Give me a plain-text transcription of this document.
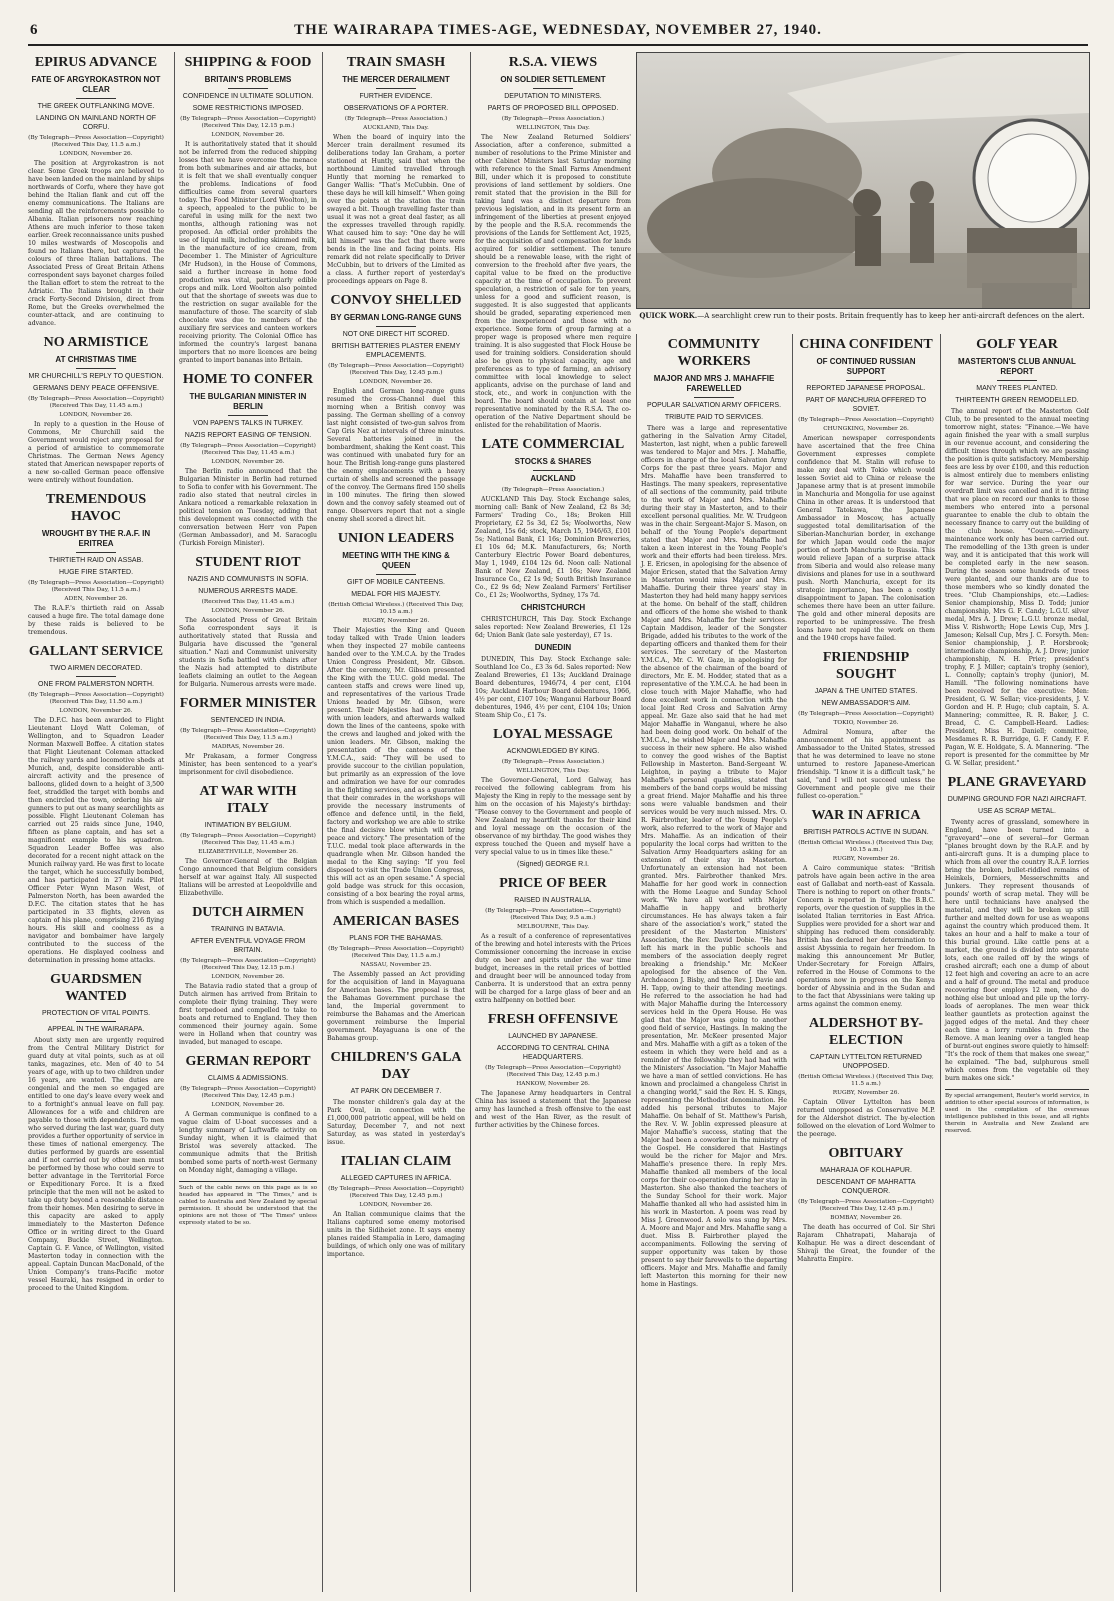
6	THE WAIRARAPA TIMES-AGE, WEDNESDAY, NOVEMBER 27, 1940.
EPIRUS ADVANCE
FATE OF ARGYROKASTRON NOT CLEAR
THE GREEK OUTFLANKING MOVE.
LANDING ON MAINLAND NORTH OF CORFU.
(By Telegraph—Press Association—Copyright) (Received This Day, 11.5 a.m.)
LONDON, November 26.

The position at Argyrokastron is not clear. Some Greek troops are believed to have been landed on the mainland by ships northwards of Corfu, where they have got behind the Italian flank and cut off the enemy communications. The Italians are sending all the reinforcements possible to Albania. Italian prisoners now reaching Athens are much inferior to those taken earlier. Greek reconnaissance units pushed 10 miles westwards of Moscopolis and found no Italians there, but captured the colours of three Italian battalions. The Associated Press of Great Britain Athens correspondent says bayonet charges foiled the Italian effort to stem the retreat to the Adriatic. The Italians brought in their crack Forty-Second Division, direct from Rome, but the Greeks overwhelmed the counter-attack, and are continuing to advance.

NO ARMISTICE
AT CHRISTMAS TIME
MR CHURCHILL'S REPLY TO QUESTION.
GERMANS DENY PEACE OFFENSIVE.
(By Telegraph—Press Association—Copyright) (Received This Day, 11.45 a.m.)
LONDON, November 26.

In reply to a question in the House of Commons, Mr Churchill said the Government would reject any proposal for a period of armistice to commemorate Christmas. The German News Agency stated that American newspaper reports of a new so-called German peace offensive were entirely without foundation.

TREMENDOUS HAVOC
WROUGHT BY THE R.A.F. IN ERITREA
THIRTIETH RAID ON ASSAB.
HUGE FIRE STARTED.
(By Telegraph—Press Association—Copyright) (Received This Day, 11.5 a.m.)
ADEN, November 26.

The R.A.F.'s thirtieth raid on Assab caused a huge fire. The total damage done by these raids is believed to be tremendous.

GALLANT SERVICE
TWO AIRMEN DECORATED.
ONE FROM PALMERSTON NORTH.
(By Telegraph—Press Association—Copyright) (Received This Day, 11.50 a.m.)
LONDON, November 26.

The D.F.C. has been awarded to Flight Lieutenant Lloyd Watt Coleman, of Wellington, and to Squadron Leader Norman Maxwell Boffee. A citation states that Flight Lieutenant Coleman attacked the railway yards and locomotive sheds at Munich, and, despite considerable anti-aircraft activity and the presence of balloons, glided down to a height of 3,500 feet, straddled the target with bombs and then encircled the town, ordering his air gunners to put out as many searchlights as possible. Flight Lieutenant Coleman has carried out 25 raids since June, 1940, fifteen as plane captain, and has set a magnificent example to his squadron. Squadron Leader Boffee was also decorated for a recent night attack on the Munich railway yard. He was first to locate the target, which he successfully bombed, and has participated in 27 raids. Pilot Officer Peter Wynn Mason West, of Palmerston North, has been awarded the D.F.C. The citation states that he has participated in 33 flights, eleven as captain of his plane, comprising 216 flying hours. His skill and coolness as a navigator and bombaimer have largely contributed to the success of the operations. He displayed coolness and determination in pressing home attacks.

GUARDSMEN WANTED
PROTECTION OF VITAL POINTS.
APPEAL IN THE WAIRARAPA.

About sixty men are urgently required from the Central Military District for guard duty at vital points, such as at oil tanks, magazines, etc. Men of 40 to 54 years of age, with up to two children under 16 years, are wanted. The duties are congenial and the men so engaged are entitled to one day's leave every week and to a fortnight's annual leave on full pay. Allowances for a wife and children are payable to those with dependents. To men who served during the last war, guard duty provides a further opportunity of service in these times of national emergency. The duties performed by guards are essential and if not carried out by other men must be performed by those who could serve to better advantage in the Territorial Force or Expeditionary Force. It is a fixed principle that the men will not be asked to take up duty beyond a reasonable distance from their homes. Men desiring to serve in this capacity are asked to apply immediately to the Masterton Defence Office or in writing direct to the Guard Company, Buckle Street, Wellington. Captain G. F. Vance, of Wellington, visited Masterton today in connection with the appeal. Captain Duncan MacDonald, of the Union Company's trans-Pacific motor vessel Hauraki, has resigned in order to proceed to the United Kingdom.

SHIPPING & FOOD
BRITAIN'S PROBLEMS
CONFIDENCE IN ULTIMATE SOLUTION.
SOME RESTRICTIONS IMPOSED.
(By Telegraph—Press Association—Copyright) (Received This Day, 12.15 p.m.)
LONDON, November 26.

It is authoritatively stated that it should not be inferred from the reduced shipping losses that we have overcome the menace from both submarines and air attacks, but it is felt that we shall eventually conquer the problems. Indications of food difficulties came from several quarters today. The Food Minister (Lord Woolton), in a speech, appealed to the public to be careful in using milk for the next two months, although rationing was not proposed. An official order prohibits the use of liquid milk, including skimmed milk, in the manufacture of ice cream, from December 1. The Minister of Agriculture (Mr Hudson), in the House of Commons, said a further increase in home food production was vital, particularly edible crops and milk. Lord Woolton also pointed out that the shortage of sweets was due to the restriction on sugar available for the manufacture of those. The scarcity of slab chocolate was due to members of the auxiliary fire services and canteen workers receiving priority. The Colonial Office has informed the country's largest banana importers that no more licences are being granted to import bananas into Britain.

HOME TO CONFER
THE BULGARIAN MINISTER IN BERLIN
VON PAPEN'S TALKS IN TURKEY.
NAZIS REPORT EASING OF TENSION.
(By Telegraph—Press Association—Copyright) (Received This Day, 11.45 a.m.)
LONDON, November 26.

The Berlin radio announced that the Bulgarian Minister in Berlin had returned to Sofia to confer with his Government. The radio also stated that neutral circles in Ankara noticed a remarkable relaxation in political tension on Tuesday, adding that this development was connected with the conversation between Herr von Papen (German Ambassador), and M. Saracoglu (Turkish Foreign Minister).

STUDENT RIOT
NAZIS AND COMMUNISTS IN SOFIA.
NUMEROUS ARRESTS MADE.
(Received This Day, 11.45 a.m.)
LONDON, November 26.

The Associated Press of Great Britain Sofia correspondent says it is authoritatively stated that Russia and Bulgaria have discussed the "general situation." Nazi and Communist university students in Sofia battled with chairs after the Nazis had attempted to distribute leaflets claiming an outlet to the Aegean for Bulgaria. Numerous arrests were made.

FORMER MINISTER
SENTENCED IN INDIA.
(By Telegraph—Press Association—Copyright) (Received This Day, 11.5 a.m.)
MADRAS, November 26.

Mr Prakasam, a former Congress Minister, has been sentenced to a year's imprisonment for civil disobedience.

AT WAR WITH ITALY
INTIMATION BY BELGIUM.
(By Telegraph—Press Association—Copyright) (Received This Day, 11.45 a.m.)
ELIZABETHVILLE, November 26.

The Governor-General of the Belgian Congo announced that Belgium considers herself at war against Italy. All suspected Italians will be arrested at Leopoldville and Elizabethville.

DUTCH AIRMEN
TRAINING IN BATAVIA.
AFTER EVENTFUL VOYAGE FROM BRITAIN.
(By Telegraph—Press Association—Copyright) (Received This Day, 12.15 p.m.)
LONDON, November 26.

The Batavia radio stated that a group of Dutch airmen has arrived from Britain to complete their flying training. They were first torpedoed and compelled to take to boats and returned to England. They then commenced their journey again. Some were in Holland when that country was invaded, but managed to escape.

GERMAN REPORT
CLAIMS & ADMISSIONS.
(By Telegraph—Press Association—Copyright) (Received This Day, 12.45 p.m.)
LONDON, November 26.

A German communique is confined to a vague claim of U-boat successes and a lengthy summary of Luftwaffe activity on Sunday night, when it is claimed that Bristol was severely attacked. The communique admits that the British bombed some parts of north-west Germany on Monday night, damaging a village.

Such of the cable news on this page as is so headed has appeared in "The Times," and is cabled to Australia and New Zealand by special permission. It should be understood that the opinions are not those of "The Times" unless expressly stated to be so.
TRAIN SMASH
THE MERCER DERAILMENT
FURTHER EVIDENCE.
OBSERVATIONS OF A PORTER.
(By Telegraph—Press Association.)
AUCKLAND, This Day.

When the board of inquiry into the Mercer train derailment resumed its deliberations today Ian Graham, a porter stationed at Huntly, said that when the northbound Limited travelled through Huntly that morning he remarked to Ganger Wallis: "That's McCubbin. One of these days he will kill himself." When going over the points at the station the train swayed a bit. Though travelling faster than usual it was not a great deal faster, as all the expresses travelled through rapidly. What caused him to say: "One day he will kill himself" was the fact that there were bends in the line and facing points. His remark did not relate specifically to Driver McCubbin, but to drivers of the Limited as a class. A further report of yesterday's proceedings appears on Page 8.

CONVOY SHELLED
BY GERMAN LONG-RANGE GUNS
NOT ONE DIRECT HIT SCORED.
BRITISH BATTERIES PLASTER ENEMY EMPLACEMENTS.
(By Telegraph—Press Association—Copyright) (Received This Day, 12.45 p.m.)
LONDON, November 26.

English and German long-range guns resumed the cross-Channel duel this morning when a British convoy was passing. The German shelling of a convoy last night consisted of two-gun salvos from Cap Gris Nez at intervals of three minutes. Several batteries joined in the bombardment, shaking the Kent coast. This was continued with unabated fury for an hour. The British long-range guns plastered the enemy emplacements with a heavy curtain of shells and screened the passage of the convoy. The Germans fired 150 shells in 100 minutes. The firing then slowed down and the convoy safely steamed out of range. Observers report that not a single enemy shell scored a direct hit.

UNION LEADERS
MEETING WITH THE KING & QUEEN
GIFT OF MOBILE CANTEENS.
MEDAL FOR HIS MAJESTY.
(British Official Wireless.) (Received This Day, 10.15 a.m.)
RUGBY, November 26.

Their Majesties the King and Queen today talked with Trade Union leaders when they inspected 27 mobile canteens handed over to the Y.M.C.A. by the Trades Union Congress President, Mr. Gibson. After the ceremony, Mr. Gibson presented the King with the T.U.C. gold medal. The canteen staffs and crews were lined up, and representatives of the various Trade Unions headed by Mr. Gibson, were present. Their Majesties had a long talk with union leaders, and afterwards walked down the lines of the canteens, spoke with the crews and laughed and joked with the union leaders. Mr. Gibson, making the presentation of the canteens of the Y.M.C.A., said: "They will be used to provide succour to the civilian population, but primarily as an expression of the love and admiration we have for our comrades in the fighting services, and as a guarantee that their comrades in the workshops will provide the necessary instruments of offence and defence until, in the field, factory and workshop we are able to strike the final decisive blow which will bring peace and victory." The presentation of the T.U.C. medal took place afterwards in the quadrangle when Mr. Gibson handed the medal to the King saying: "If you feel disposed to visit the Trade Union Congress, this will act as an open sesame." A special gold badge was struck for this occasion, consisting of a box bearing the royal arms, from which is suspended a medallion.

AMERICAN BASES
PLANS FOR THE BAHAMAS.
(By Telegraph—Press Association—Copyright) (Received This Day, 11.5 a.m.)
NASSAU, November 25.

The Assembly passed an Act providing for the acquisition of land in Mayaguana for American bases. The proposal is that the Bahamas Government purchase the land, the Imperial government to reimburse the Bahamas and the American government reimburse the Imperial government. Mayaguana is one of the Bahamas group.

CHILDREN'S GALA DAY
AT PARK ON DECEMBER 7.

The monster children's gala day at the Park Oval, in connection with the £1,000,000 patriotic appeal, will be held on Saturday, December 7, and not next Saturday, as was stated in yesterday's issue.

ITALIAN CLAIM
ALLEGED CAPTURES IN AFRICA.
(By Telegraph—Press Association—Copyright) (Received This Day, 12.45 p.m.)
LONDON, November 26.

An Italian communique claims that the Italians captured some enemy motorised units in the Sidiheiet zone. It says enemy planes raided Stampalia in Lero, damaging buildings, of which only one was of military importance.

R.S.A. VIEWS
ON SOLDIER SETTLEMENT
DEPUTATION TO MINISTERS.
PARTS OF PROPOSED BILL OPPOSED.
(By Telegraph—Press Association.)
WELLINGTON, This Day.

The New Zealand Returned Soldiers' Association, after a conference, submitted a number of resolutions to the Prime Minister and other Cabinet Ministers last Saturday morning with reference to the Small Farms Amendment Bill, under which it is proposed to constitute provisions of land settlement by soldiers. One remit stated that the provision in the Bill for taking land was a distinct departure from previous legislation, and in its present form an infringement of the liberties at present enjoyed by the people and the R.S.A. recommends the provisions of the Lands for Settlement Act, 1925, for the acquisition of and compensation for lands acquired for soldier settlement. The tenure should be a renewable lease, with the right of conversion to the freehold after five years, the capital value to be fixed on the productive capacity at the time of occupation. To prevent speculation, a restriction of sale for ten years, unless for a good and sufficient reason, is suggested. It is also suggested that applicants should be graded, separating experienced men from the inexperienced and those with no experience. Some form of group farming at a proper wage is proposed where men require training. It is also suggested that Flock House be used for training soldiers. Consideration should also be given to physical capacity, age and preferences as to type of farming, an advisory committee with local knowledge to select applicants, advise on the purchase of land and stock, etc., and work in conjunction with the board. The board should contain at least one representative nominated by the R.S.A. The co-operation of the Native Department should be enlisted for the rehabilitation of Maoris.

LATE COMMERCIAL
STOCKS & SHARES
AUCKLAND
(By Telegraph—Press Association.)

AUCKLAND This Day. Stock Exchange sales, morning call: Bank of New Zealand, £2 8s 3d; Farmers' Trading Co., 18s; Broken Hill Proprietary, £2 5s 3d, £2 5s; Woolworths, New Zealand, 15s 6d; stock, March 15, 1946/63, £101 5s; National Bank, £1 16s; Dominion Breweries, £1 10s 6d; M.K. Manufacturers, 6s; North Canterbury Electric Power Board debentures, May 1, 1949, £104 12s 6d. Noon call: National Bank of New Zealand, £1 16s; New Zealand Insurance Co., £2 1s 9d; South British Insurance Co., £2 9s 6d; New Zealand Farmers' Fertiliser Co., £1 2s; Woolworths, Sydney, 17s 7d.

CHRISTCHURCH

CHRISTCHURCH, This Day. Stock Exchange sales reported: New Zealand Breweries, £1 12s 6d; Union Bank (late sale yesterday), £7 1s.

DUNEDIN

DUNEDIN, This Day. Stock Exchange sale: Southland Ice Co., £3 3s 6d. Sales reported: New Zealand Breweries, £1 13s; Auckland Drainage Board debentures, 1946/74, 4 per cent, £104 10s; Auckland Harbour Board debentures, 1966, 4½ per cent, £107 10s; Wanganui Harbour Board debentures, 1946, 4½ per cent, £104 10s; Union Steam Ship Co., £1 7s.

LOYAL MESSAGE
ACKNOWLEDGED BY KING.
(By Telegraph—Press Association.)
WELLINGTON, This Day.

The Governor-General, Lord Galway, has received the following cablegram from his Majesty the King in reply to the message sent by him on the occasion of his Majesty's birthday: "Please convey to the Government and people of New Zealand my heartfelt thanks for their kind and loyal message on the occasion of the observance of my birthday. The good wishes they express touched the Queen and myself have a very special value to us in times like these."

(Signed) GEORGE R.I.
PRICE OF BEER
RAISED IN AUSTRALIA.
(By Telegraph—Press Association—Copyright) (Received This Day, 9.5 a.m.)
MELBOURNE, This Day.

As a result of a conference of representatives of the brewing and hotel interests with the Prices Commissioner concerning the increase in excise duty on beer and spirits under the war time budget, increases in the retail prices of bottled and draught beer will be announced today from Canberra. It is understood that an extra penny will be charged for a large glass of beer and an extra halfpenny on bottled beer.

FRESH OFFENSIVE
LAUNCHED BY JAPANESE.
ACCORDING TO CENTRAL CHINA HEADQUARTERS.
(By Telegraph—Press Association—Copyright) (Received This Day, 12.45 p.m.)
HANKOW, November 26.

The Japanese Army headquarters in Central China has issued a statement that the Japanese army has launched a fresh offensive to the east and west of the Han River, as the result of further activities by the Chinese forces.

QUICK WORK.—A searchlight crew run to their posts. Britain frequently has to keep her anti-aircraft defences on the alert.
COMMUNITY WORKERS
MAJOR AND MRS J. MAHAFFIE FAREWELLED
POPULAR SALVATION ARMY OFFICERS.
TRIBUTE PAID TO SERVICES.

There was a large and representative gathering in the Salvation Army Citadel, Masterton, last night, when a public farewell was tendered to Major and Mrs. J. Mahaffie, officers in charge of the local Salvation Army Corps for the past three years. Major and Mrs. Mahaffie have been transferred to Hastings. The many speakers, representative of all sections of the community, paid tribute to the work of Major and Mrs. Mahaffie during their stay in Masterton, and to their excellent personal qualities. Mr. W. Trudgeon was in the chair. Sergeant-Major S. Mason, on behalf of the Young People's department stated that Major and Mrs. Mahaffie had taken a keen interest in the Young People's work and their efforts had been tireless. Mrs. J. E. Ericsen, in apologising for the absence of Major Ericsen, stated that the Salvation Army in Masterton would miss Major and Mrs. Mahaffie. During their three years' stay in Masterton they had held many happy services at the home. On behalf of the staff, children and officers of the home she wished to thank Major and Mrs. Mahaffie for their services. Captain Maddison, leader of the Songster Brigade, added his tributes to the work of the departing officers and thanked them for their services. The secretary of the Masterton Y.M.C.A., Mr. C. W. Gaze, in apologising for the absence of the chairman of the board of directors, Mr. E. M. Hodder, stated that as a representative of the Y.M.C.A. he had been in close touch with Major Mahaffie, who had done excellent work in connection with the local Joint Red Cross and Salvation Army appeal. Mr. Gaze also said that he had met Major Mahaffie in Wanganui, where he also had been doing good work. On behalf of the Y.M.C.A., he wished Major and Mrs. Mahaffie success in their new sphere. He also wished to convey the good wishes of the Baptist Fellowship in Masterton. Band-Sergeant W. Leighton, in paying a tribute to Major Mahaffie's personal qualities, stated that members of the band corps would be missing a great friend. Major Mahaffie and his three sons were valuable bandsmen and their services would be very much missed. Mrs. O. R. Fairbrother, leader of the Young People's work, also referred to the work of Major and Mrs. Mahaffie. As an indication of their popularity the local corps had written to the Salvation Army Headquarters asking for an extension of their stay in Masterton. Unfortunately an extension had not been granted. Mrs. Fairbrother thanked Mrs. Mahaffie for her good work in connection with the Home League and Sunday School work. "We have all worked with Major Mahaffie in happy and brotherly circumstances. He has always taken a fair share of the association's work," stated the president of the Masterton Ministers' Association, the Rev. David Dobie. "He has left his mark in the public schools and members of the association deeply regret breaking a friendship." Mr. McKeer apologised for the absence of the Ven. Archdeacon J. Bisby, and the Rev. J. Davie and H. Tapp, owing to their attending meetings. He referred to the association he had had with Major Mahaffie during the Intercessory services held in the Opera House. He was glad that the Major was going to another good field of service, Hastings. In making the presentation, Mr. McKeer presented Major and Mrs. Mahaffie with a gift as a token of the esteem in which they were held and as a reminder of the fellowship they had had with the Ministers' Association. "In Major Mahaffie we have a man of settled convictions. He has known and proclaimed a changeless Christ in a changing world," said the Rev. H. S. Kings, representing the Methodist denomination. He added his personal tributes to Major Mahaffie. On behalf of St. Matthew's Parish, the Rev. V. W. Joblin expressed pleasure at Major Mahaffie's success, stating that the Major had been a coworker in the ministry of the Gospel. He considered that Hastings would be the richer for Major and Mrs. Mahaffie's presence there. In reply Mrs. Mahaffie thanked all members of the local corps for their co-operation during her stay in Masterton. She also thanked the teachers of the Sunday School for their work. Major Mahaffie thanked all who had assisted him in his work in Masterton. A poem was read by Miss J. Greenwood. A solo was sung by Mrs. A. Moore and Major and Mrs. Mahaffie sang a duet. Miss B. Fairbrother played the accompaniments. Following the serving of supper opportunity was taken by those present to say their farewells to the departing officers. Major and Mrs. Mahaffie and family left Masterton this morning for their new home in Hastings.

CHINA CONFIDENT
OF CONTINUED RUSSIAN SUPPORT
REPORTED JAPANESE PROPOSAL.
PART OF MANCHURIA OFFERED TO SOVIET.
(By Telegraph—Press Association—Copyright)
CHUNGKING, November 26.

American newspaper correspondents have ascertained that the free China Government expresses complete confidence that M. Stalin will refuse to make any deal with Tokio which would lessen Soviet aid to China or release the Japanese army that is at present immobile in Manchuria and Mongolia for use against China in other areas. It is understood that General Tatekawa, the Japanese Ambassador in Moscow, has actually suggested total demilitarisation of the Siberian-Manchurian border, in exchange for which Japan would cede the major portion of north Manchuria to Russia. This would relieve Japan of a surprise attack from Siberia and would also release many divisions and planes for use in a southward push. North Manchuria, except for its strategic importance, has been a costly disappointment to Japan. The colonisation schemes there have been an utter failure. The gold and other mineral deposits are reported to be unimpressive. The fresh loans have not repaid the work on them and the 1940 crops have failed.

FRIENDSHIP SOUGHT
JAPAN & THE UNITED STATES.
NEW AMBASSADOR'S AIM.
(By Telegraph—Press Association—Copyright)
TOKIO, November 26.

Admiral Nomura, after the announcement of his appointment as Ambassador to the United States, stressed that he was determined to leave no stone unturned to restore Japanese-American friendship. "I know it is a difficult task," he said, "and I will not succeed unless the Government and people give me their fullest co-operation."

WAR IN AFRICA
BRITISH PATROLS ACTIVE IN SUDAN.
(British Official Wireless.) (Received This Day, 10.15 a.m.)
RUGBY, November 26.

A Cairo communique states: "British patrols have again been active in the area east of Gallabat and north-east of Kassala. There is nothing to report on other fronts." Concern is reported in Italy, the B.B.C. reports, over the question of supplies in the isolated Italian territories in East Africa. Supplies were provided for a short war and shipping has reduced them considerably. British has declared her determination to assist Abyssinia to regain her freedom. In making this announcement Mr Butler, Under-Secretary for Foreign Affairs, referred in the House of Commons to the operations now in progress on the Kenya border of Abyssinia and in the Sudan and to the fact that Abyssinians were taking up arms against the common enemy.

ALDERSHOT BY-ELECTION
CAPTAIN LYTTELTON RETURNED UNOPPOSED.
(British Official Wireless.) (Received This Day, 11.5 a.m.)
RUGBY, November 26.

Captain Oliver Lyttelton has been returned unopposed as Conservative M.P. for the Aldershot district. The by-election followed on the elevation of Lord Wolmer to the peerage.

OBITUARY
MAHARAJA OF KOLHAPUR.
DESCENDANT OF MAHRATTA CONQUEROR.
(By Telegraph—Press Association—Copyright) (Received This Day, 12.45 p.m.)
BOMBAY, November 26.

The death has occurred of Col. Sir Shri Rajaram Chhatrapati, Maharaja of Kolhapur. He was a direct descendant of Shivaji the Great, the founder of the Mahratta Empire.

GOLF YEAR
MASTERTON'S CLUB ANNUAL REPORT
MANY TREES PLANTED.
THIRTEENTH GREEN REMODELLED.

The annual report of the Masterton Golf Club, to be presented to the annual meeting tomorrow night, states: "Finance.—We have again finished the year with a small surplus in our revenue account, and considering the difficult times through which we are passing the position is quite satisfactory. Membership fees are less by over £100, and this reduction is almost entirely due to members enlisting for war service. During the year our overdraft limit was cancelled and it is fitting that we place on record our thanks to those members who entered into a personal guarantee to enable the club to obtain the necessary finance to carry out the building of the club house. "Course.—Ordinary maintenance work only has been carried out. The remodelling of the 13th green is under way, and it is anticipated that this work will be completed early in the new season. During the season some hundreds of trees were planted, and our thanks are due to those members who so kindly donated the trees. "Club Championships, etc.—Ladies: Senior championship, Miss D. Todd; junior championship, Mrs G. F. Candy; L.G.U. silver medal, Mrs A. J. Drew; L.G.U. bronze medal, Miss V. Rishworth; Hope Lewis Cup, Mrs J. Jameson; Kelsall Cup, Mrs J. C. Forsyth. Men: Senior championship, J. P. Horsbrook; intermediate championship, A. J. Drew; junior championship, N. H. Prier; president's trophy, F. J. Miller; captain's trophy (senior), L. Connolly; captain's trophy (junior), M. Hamill. "The following nominations have been received for the executive: Men: President, G. W. Sellar; vice-presidents, J. V. Gordon and H. P. Hugo; club captain, S. A. Mannering; committee, R. R. Baker, J. C. Bread, C. C. Campbell-Heard. Ladies: President, Miss H. Daniell; committee, Mesdames R. R. Burridge, G. F. Candy, F. F. Pagan, W. E. Holdgate, S. A. Mannering. "The report is presented for the committee by Mr G. W. Sellar, president."

PLANE GRAVEYARD
DUMPING GROUND FOR NAZI AIRCRAFT.
USE AS SCRAP METAL.

Twenty acres of grassland, somewhere in England, have been turned into a "graveyard"—one of several—for German "planes brought down by the R.A.F. and by anti-aircraft guns. It is a dumping place to which from all over the country R.A.F. lorries bring the broken, bullet-riddled remains of Heinkels, Dorniers, Messerschmitts and Junkers. They represent thousands of pounds' worth of scrap metal. They will be here until technicians have analysed the material, and they will be broken up still further and melted down for use as weapons against the country which produced them. It takes an hour and a half to make a tour of this burial ground. Like cattle pens at a market, the ground is divided into separate lots, each one railed off by the wings of crashed aircraft; each one a dump of about 12 feet high and covering an acre to an acre and a half of ground. The metal and produce recovering floor employs 12 men, who do nothing else but unload and pile up the lorry-loads of aeroplanes. The men wear thick leather gauntlets as protection against the jagged edges of the metal. And they cheer each time a lorry rumbles in from the Remove. A man leaning over a tangled heap of burnt-out engines swore quietly to himself: "It's the rock of them that makes one swear," he explained. "The bad, sulphurous smell which comes from the vegetable oil they burn makes one sick."

By special arrangement, Reuter's world service, in addition to other special sources of information, is used in the compilation of the overseas intelligence published in this issue, and all rights therein in Australia and New Zealand are reserved.
